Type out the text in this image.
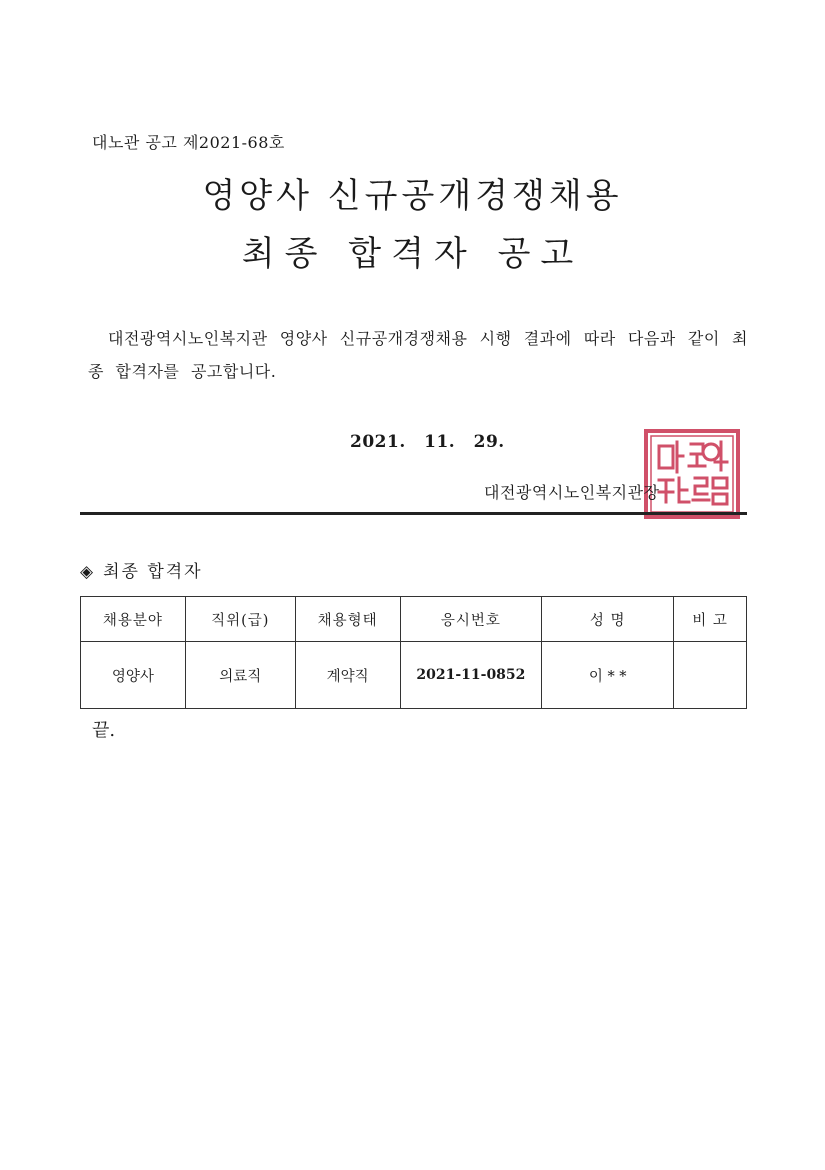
대노관 공고 제2021-68호
영양사 신규공개경쟁채용
최종 합격자 공고

대전광역시노인복지관 영양사 신규공개경쟁채용 시행 결과에 따라 다음과 같이 최종 합격자를 공고합니다.

2021. 11. 29.
대전광역시노인복지관장
◈ 최종 합격자
채용분야	직위(급)	채용형태	응시번호	성 명	비 고
영양사	의료직	계약직	2021-11-0852	이 * *	
끝.
